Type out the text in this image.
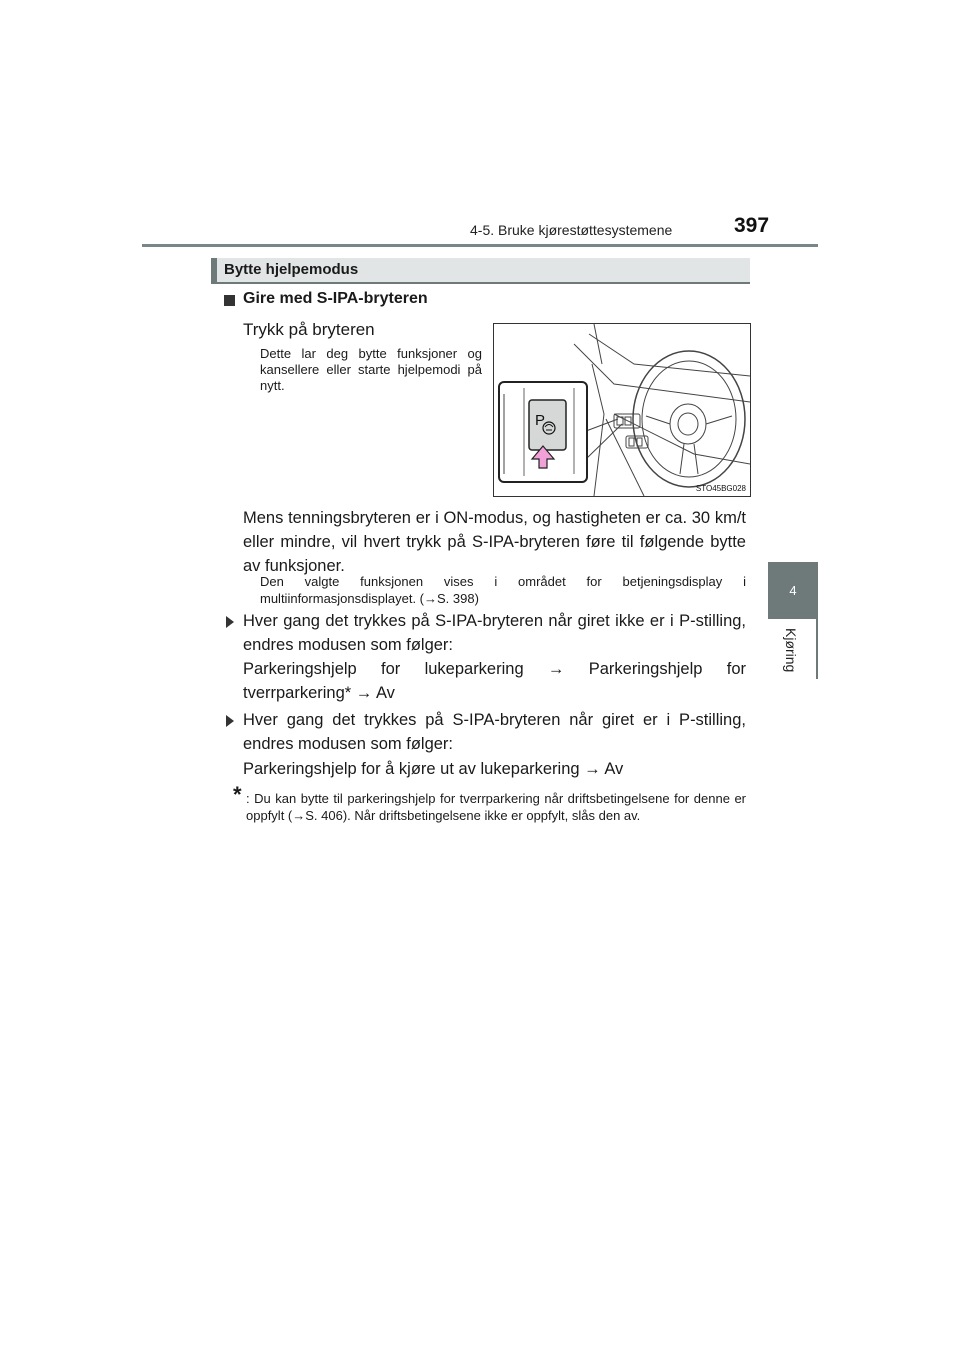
4-5. Bruke kjørestøttesystemene	397
4
Kjøring
Bytte hjelpemodus
Gire med S-IPA-bryteren
Trykk på bryteren
Dette lar deg bytte funksjoner og kansellere eller starte hjelpemodi på nytt.
P
STO45BG028
Mens tenningsbryteren er i ON-modus, og hastigheten er ca. 30 km/t eller mindre, vil hvert trykk på S-IPA-bryteren føre til følgende bytte av funksjoner.
Den valgte funksjonen vises i området for betjeningsdisplay i multiinformasjonsdisplayet. (→S. 398)
Hver gang det trykkes på S-IPA-bryteren når giret ikke er i P-stilling, endres modusen som følger:
Parkeringshjelp for lukeparkering → Parkeringshjelp for tverrparkering* → Av
Hver gang det trykkes på S-IPA-bryteren når giret er i P-stilling, endres modusen som følger:
Parkeringshjelp for å kjøre ut av lukeparkering → Av
* : Du kan bytte til parkeringshjelp for tverrparkering når driftsbetingelsene for denne er oppfylt (→S. 406). Når driftsbetingelsene ikke er oppfylt, slås den av.
